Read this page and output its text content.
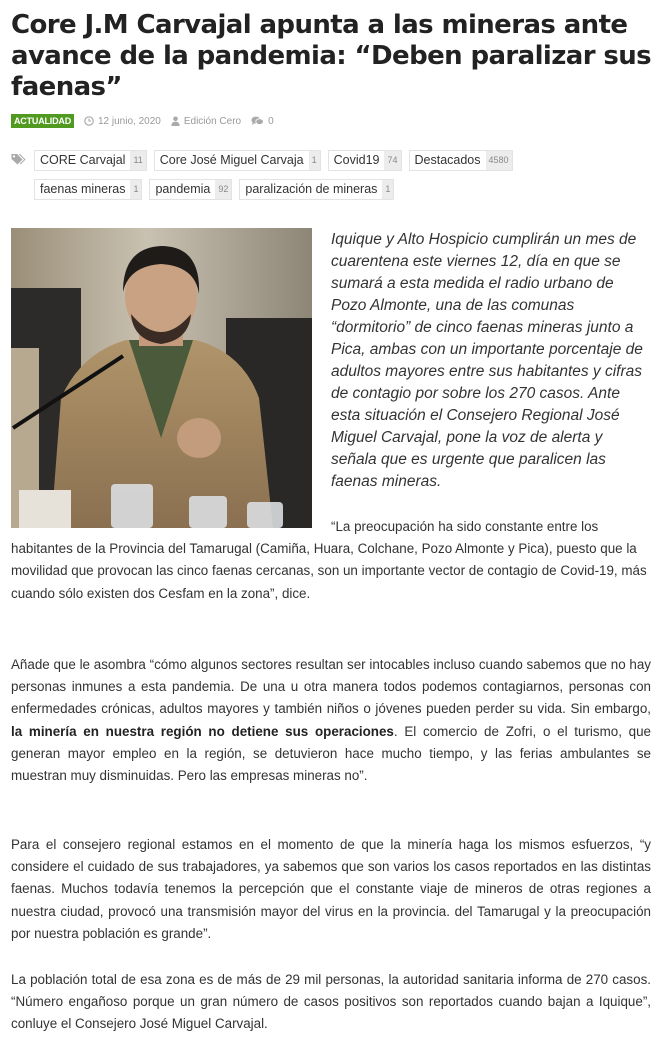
Core J.M Carvajal apunta a las mineras ante avance de la pandemia: “Deben paralizar sus faenas”
ACTUALIDAD	12 junio, 2020 Edición Cero	0
CORE Carvajal 11	Core José Miguel Carvaja 1	Covid19 74	Destacados 4580
faenas mineras 1	pandemia 92	paralización de mineras 1

Iquique y Alto Hospicio cumplirán un mes de cuarentena este viernes 12, día en que se sumará a esta medida el radio urbano de Pozo Almonte, una de las comunas “dormitorio” de cinco faenas mineras junto a Pica, ambas con un importante porcentaje de adultos mayores entre sus habitantes y cifras de contagio por sobre los 270 casos. Ante esta situación el Consejero Regional José Miguel Carvajal, pone la voz de alerta y señala que es urgente que paralicen las faenas mineras.

“La preocupación ha sido constante entre los habitantes de la Provincia del Tamarugal (Camiña, Huara, Colchane, Pozo Almonte y Pica), puesto que la movilidad que provocan las cinco faenas cercanas, son un importante vector de contagio de Covid-19, más cuando sólo existen dos Cesfam en la zona”, dice.

Añade que le asombra “cómo algunos sectores resultan ser intocables incluso cuando sabemos que no hay personas inmunes a esta pandemia. De una u otra manera todos podemos contagiarnos, personas con enfermedades crónicas, adultos mayores y también niños o jóvenes pueden perder su vida. Sin embargo, la minería en nuestra región no detiene sus operaciones. El comercio de Zofri, o el turismo, que generan mayor empleo en la región, se detuvieron hace mucho tiempo, y las ferias ambulantes se muestran muy disminuidas. Pero las empresas mineras no”.

Para el consejero regional estamos en el momento de que la minería haga los mismos esfuerzos, “y considere el cuidado de sus trabajadores, ya sabemos que son varios los casos reportados en las distintas faenas. Muchos todavía tenemos la percepción que el constante viaje de mineros de otras regiones a nuestra ciudad, provocó una transmisión mayor del virus en la provincia. del Tamarugal y la preocupación por nuestra población es grande”.

La población total de esa zona es de más de 29 mil personas, la autoridad sanitaria informa de 270 casos. “Número engañoso porque un gran número de casos positivos son reportados cuando bajan a Iquique”, conluye el Consejero José Miguel Carvajal.
